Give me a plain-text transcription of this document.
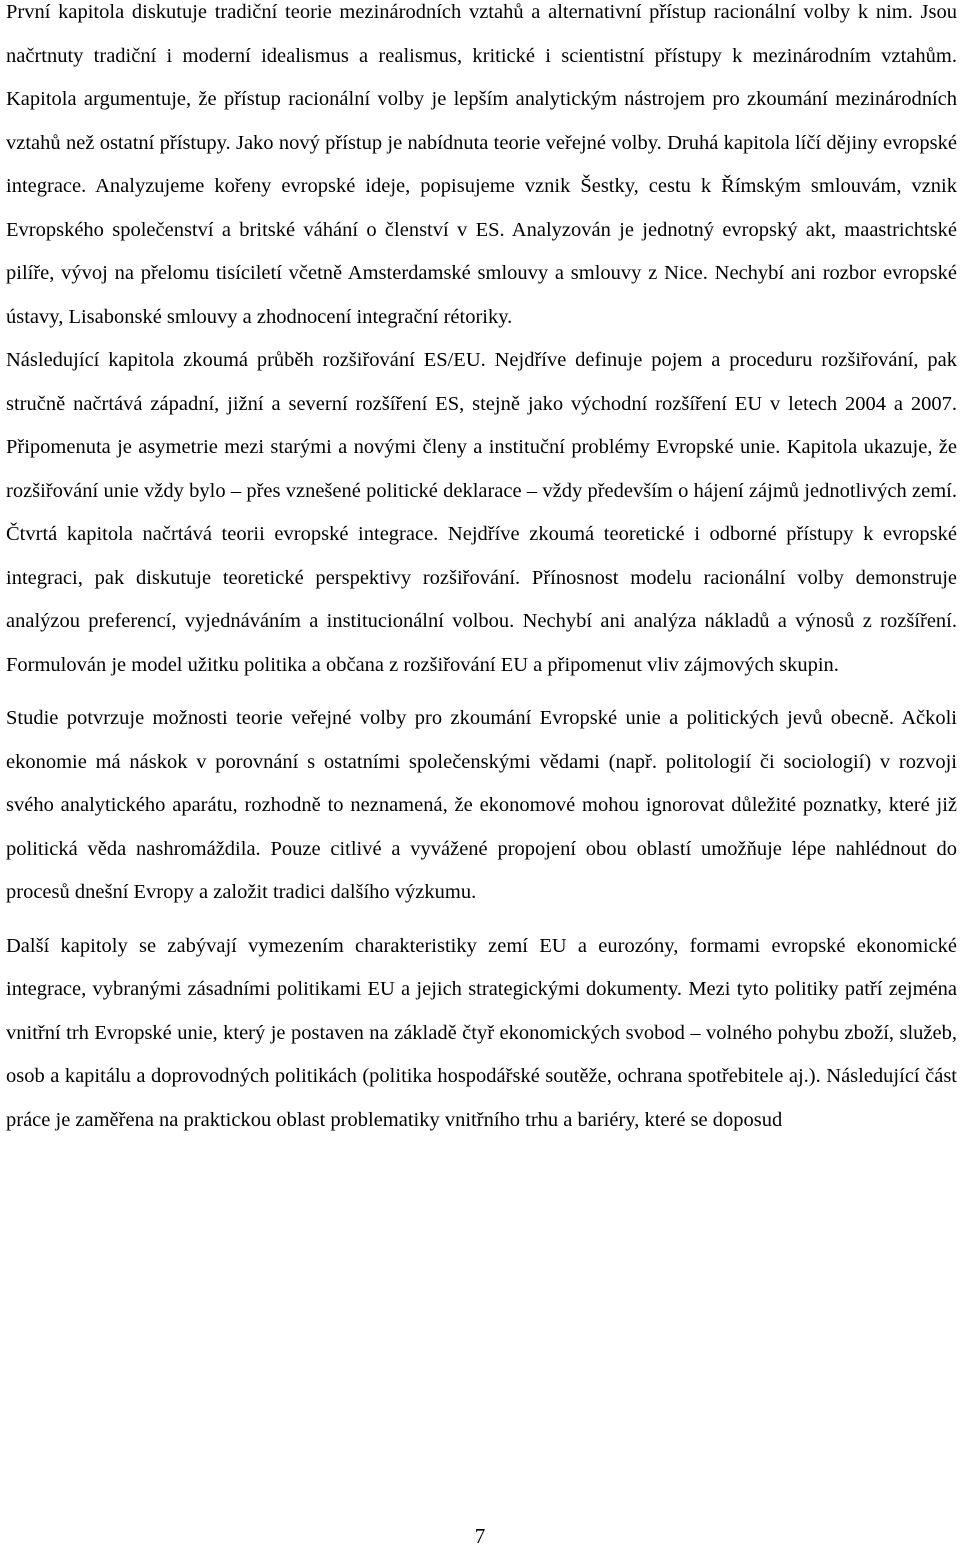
První kapitola diskutuje tradiční teorie mezinárodních vztahů a alternativní přístup racionální volby k nim. Jsou načrtnuty tradiční i moderní idealismus a realismus, kritické i scientistní přístupy k mezinárodním vztahům. Kapitola argumentuje, že přístup racionální volby je lepším analytickým nástrojem pro zkoumání mezinárodních vztahů než ostatní přístupy. Jako nový přístup je nabídnuta teorie veřejné volby. Druhá kapitola líčí dějiny evropské integrace. Analyzujeme kořeny evropské ideje, popisujeme vznik Šestky, cestu k Římským smlouvám, vznik Evropského společenství a britské váhání o členství v ES. Analyzován je jednotný evropský akt, maastrichtské pilíře, vývoj na přelomu tisíciletí včetně Amsterdamské smlouvy a smlouvy z Nice. Nechybí ani rozbor evropské ústavy, Lisabonské smlouvy a zhodnocení integrační rétoriky.

Následující kapitola zkoumá průběh rozšiřování ES/EU. Nejdříve definuje pojem a proceduru rozšiřování, pak stručně načrtává západní, jižní a severní rozšíření ES, stejně jako východní rozšíření EU v letech 2004 a 2007. Připomenuta je asymetrie mezi starými a novými členy a instituční problémy Evropské unie. Kapitola ukazuje, že rozšiřování unie vždy bylo – přes vznešené politické deklarace – vždy především o hájení zájmů jednotlivých zemí. Čtvrtá kapitola načrtává teorii evropské integrace. Nejdříve zkoumá teoretické i odborné přístupy k evropské integraci, pak diskutuje teoretické perspektivy rozšiřování. Přínosnost modelu racionální volby demonstruje analýzou preferencí, vyjednáváním a institucionální volbou. Nechybí ani analýza nákladů a výnosů z rozšíření. Formulován je model užitku politika a občana z rozšiřování EU a připomenut vliv zájmových skupin.

Studie potvrzuje možnosti teorie veřejné volby pro zkoumání Evropské unie a politických jevů obecně. Ačkoli ekonomie má náskok v porovnání s ostatními společenskými vědami (např. politologií či sociologií) v rozvoji svého analytického aparátu, rozhodně to neznamená, že ekonomové mohou ignorovat důležité poznatky, které již politická věda nashromáždila. Pouze citlivé a vyvážené propojení obou oblastí umožňuje lépe nahlédnout do procesů dnešní Evropy a založit tradici dalšího výzkumu.

Další kapitoly se zabývají vymezením charakteristiky zemí EU a eurozóny, formami evropské ekonomické integrace, vybranými zásadními politikami EU a jejich strategickými dokumenty. Mezi tyto politiky patří zejména vnitřní trh Evropské unie, který je postaven na základě čtyř ekonomických svobod – volného pohybu zboží, služeb, osob a kapitálu a doprovodných politikách (politika hospodářské soutěže, ochrana spotřebitele aj.). Následující část práce je zaměřena na praktickou oblast problematiky vnitřního trhu a bariéry, které se doposud

7
